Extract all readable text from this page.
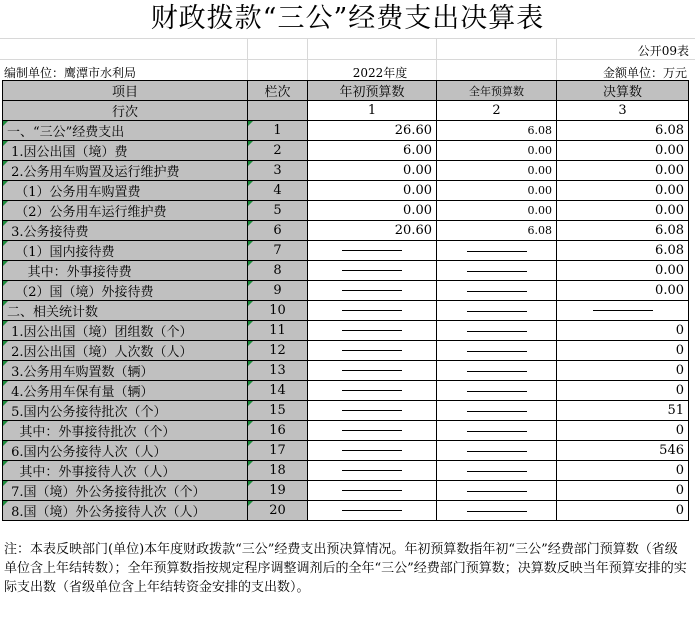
财政拨款“三公”经费支出决算表
公开09表
编制单位：鹰潭市水利局	2022年度	金额单位：万元
项目	栏次	年初预算数	全年预算数	决算数
行次		1	2	3
一、“三公”经费支出	1	26.60	6.08	6.08
1.因公出国（境）费	2	6.00	0.00	0.00
2.公务用车购置及运行维护费	3	0.00	0.00	0.00
（1）公务用车购置费	4	0.00	0.00	0.00
（2）公务用车运行维护费	5	0.00	0.00	0.00
3.公务接待费	6	20.60	6.08	6.08
（1）国内接待费	7			6.08
其中：外事接待费	8			0.00
（2）国（境）外接待费	9			0.00
二、相关统计数	10

1.因公出国（境）团组数（个）	11			0
2.因公出国（境）人次数（人）	12			0
3.公务用车购置数（辆）	13			0
4.公务用车保有量（辆）	14			0
5.国内公务接待批次（个）	15			51
其中：外事接待批次（个）	16			0
6.国内公务接待人次（人）	17			546
其中：外事接待人次（人）	18			0
7.国（境）外公务接待批次（个）	19			0
8.国（境）外公务接待人次（人）	20			0
注：本表反映部门(单位)本年度财政拨款“三公”经费支出预决算情况。年初预算数指年初“三公”经费部门预算数（省级单位含上年结转数）；全年预算数指按规定程序调整调剂后的全年“三公”经费部门预算数；决算数反映当年预算安排的实际支出数（省级单位含上年结转资金安排的支出数）。
